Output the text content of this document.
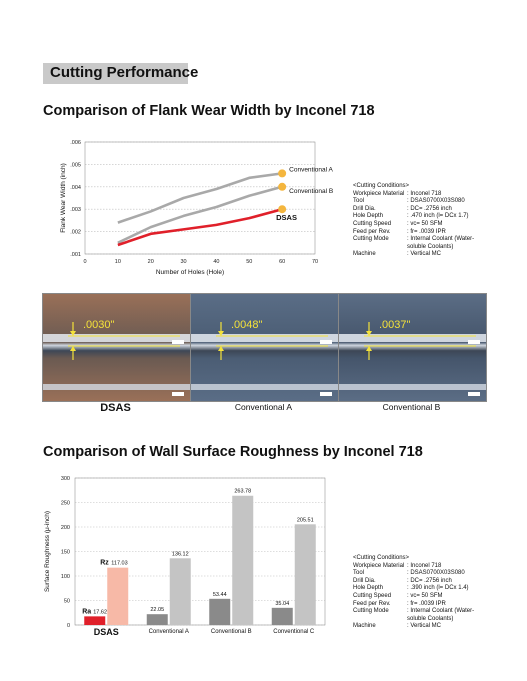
Cutting Performance
Comparison of Flank Wear Width by Inconel 718
.001
.002
.003
.004
.005
.006
0	10	20	30	40	50	60	70
Number of Holes (Hole)
Flank Wear Width (inch)	Conventional A
Conventional B
DSAS
<Cutting Conditions>
Workpiece Material : Inconel 718
Tool	: DSAS0700X03S080
Drill Dia.	: DC= .2756 inch
Hole Depth	: .470 inch (l= DCx 1.7)
Cutting Speed	: vc= 50 SFM
Feed per Rev.	: fr= .0039 IPR
Cutting Mode	: Internal Coolant (Water-soluble Coolants)
Machine	: Vertical MC
.0030"
DSAS
.0048"
Conventional A
.0037"
Conventional B
Comparison of Wall Surface Roughness by Inconel 718
0
50
100
150
200
250
300
Surface Roughness (μ-inch)
Ra 17.62
Rz 117.03
DSAS
22.05
136.12
Conventional A
53.44
263.78
Conventional B
35.04
205.51
Conventional C
<Cutting Conditions>
Workpiece Material : Inconel 718
Tool	: DSAS0700X03S080
Drill Dia.	: DC= .2756 inch
Hole Depth	: .390 inch (l= DCx 1.4)
Cutting Speed	: vc= 50 SFM
Feed per Rev.	: fr= .0039 IPR
Cutting Mode	: Internal Coolant (Water-soluble Coolants)
Machine	: Vertical MC
